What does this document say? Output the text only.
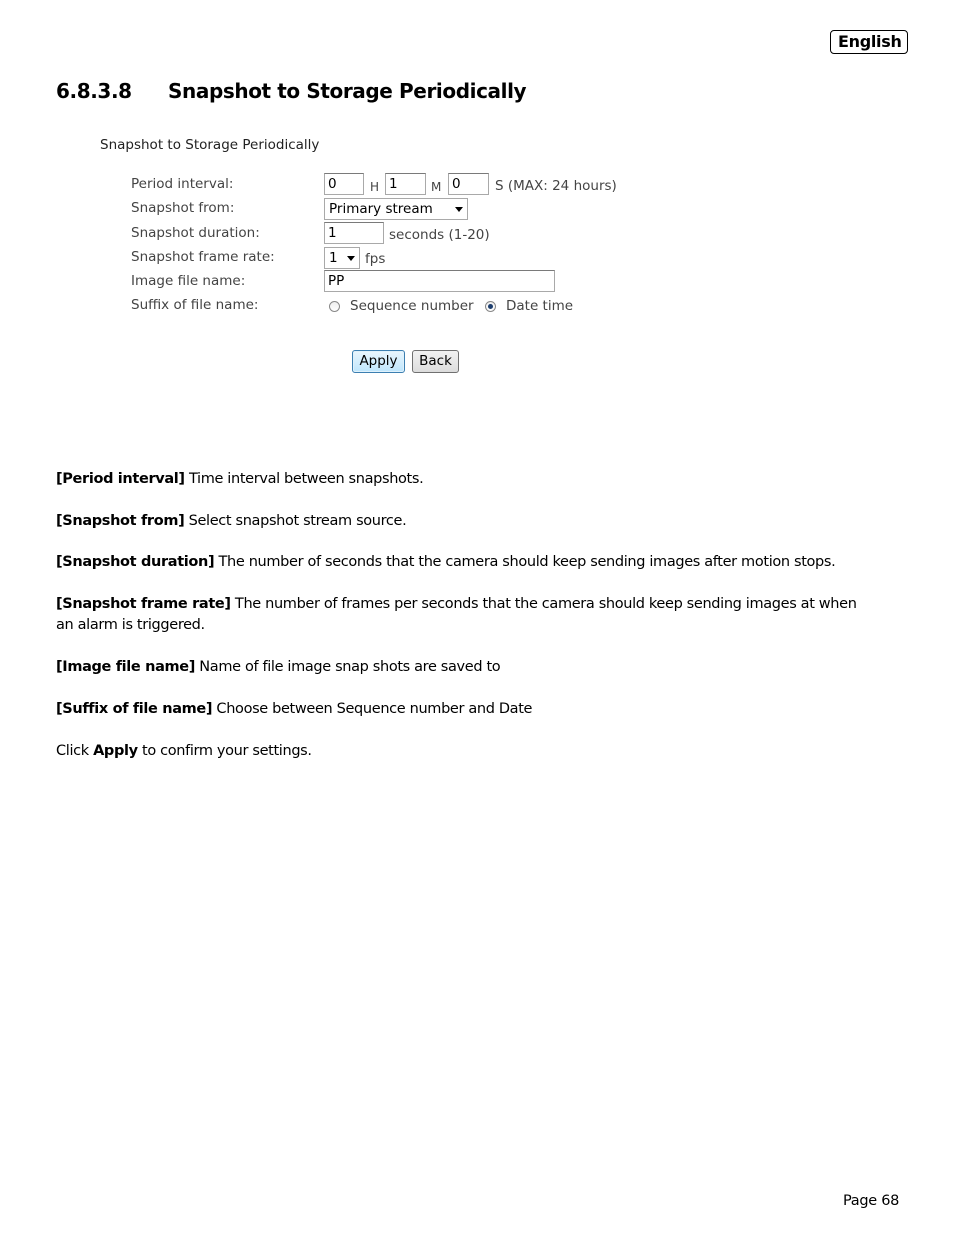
English
6.8.3.8 Snapshot to Storage Periodically
Snapshot to Storage Periodically
Period interval:	0	H 1	M 0	S (MAX: 24 hours)
Snapshot from:	Primary stream
Snapshot duration:	1	seconds (1-20)
Snapshot frame rate:	1	fps
Image file name:	PP
Suffix of file name:	Sequence number Date time
Apply	Back

[Period interval] Time interval between snapshots.

[Snapshot from] Select snapshot stream source.

[Snapshot duration] The number of seconds that the camera should keep sending images after motion stops.

[Snapshot frame rate] The number of frames per seconds that the camera should keep sending images at when an alarm is triggered.

[Image file name] Name of file image snap shots are saved to

[Suffix of file name] Choose between Sequence number and Date

Click Apply to confirm your settings.

Page 68
